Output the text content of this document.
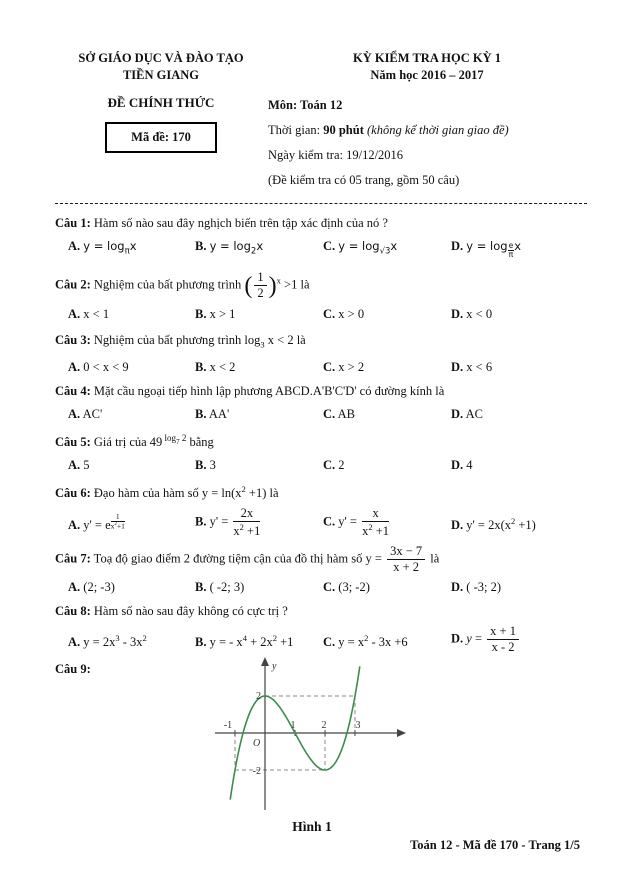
SỞ GIÁO DỤC VÀ ĐÀO TẠO
TIỀN GIANG
ĐỀ CHÍNH THỨC
Mã đề: 170
KỲ KIỂM TRA HỌC KỲ 1
Năm học 2016 – 2017
Môn: Toán 12
Thời gian: 90 phút (không kể thời gian giao đề)
Ngày kiểm tra: 19/12/2016
(Đề kiểm tra có 05 trang, gồm 50 câu)
Câu 1: Hàm số nào sau đây nghịch biến trên tập xác định của nó ?
A. $y = \log_\pi x$	B. $y = \log_2x$	C. $y = \log_{√3}x$	D. y = log $_{\frac{e}{\pi}}$ x
Câu 2: Nghiệm của bất phương trình ( $\frac{1}{2} )^x >1$ là
A. x < 1	B. x > 1	C. x > 0	D. x < 0
Câu 3: Nghiệm của bất phương trình $\log_3 x < 2$ là
A. 0 < x < 9	B. x < 2	C. x > 2	D. x < 6
Câu 4: Mặt cầu ngoại tiếp hình lập phương ABCD.A'B'C'D' có đường kính là
A. AC'	B. AA'	C. AB	D. AC
Câu 5: Giá trị của 49 $^{log_7 2}$ bằng
A. 5	B. 3	C. 2	D. 4
Câu 6: Đạo hàm của hàm số $y = \ln(x^2 +1)$ là
A. y' = e $^{\frac{1}{x^2+1}}$	B. $y' = \frac{2x}{x^2 +1}$	C. $y' = \frac{x}{x^2 +1}$	D. $y' = 2x(x^2 +1)$
Câu 7: Toạ độ giao điểm 2 đường tiệm cận của đồ thị hàm số $y = \frac{3x - 7}{x + 2}$ là
A. (2; -3)	B. ( -2; 3)	C. (3; -2)	D. ( -3; 2)
Câu 8: Hàm số nào sau đây không có cực trị ?
A. $y = 2x^3 - 3x^2$	B. y = - $x^4 + 2x^2 +1$	C. $y = x^2 - 3x +6$	D. $y = \frac{x + 1}{x - 2}$
Câu 9:	y
O
-1	1	2	3
2
-2
Hình 1
Toán 12 - Mã đề 170 - Trang 1/5
